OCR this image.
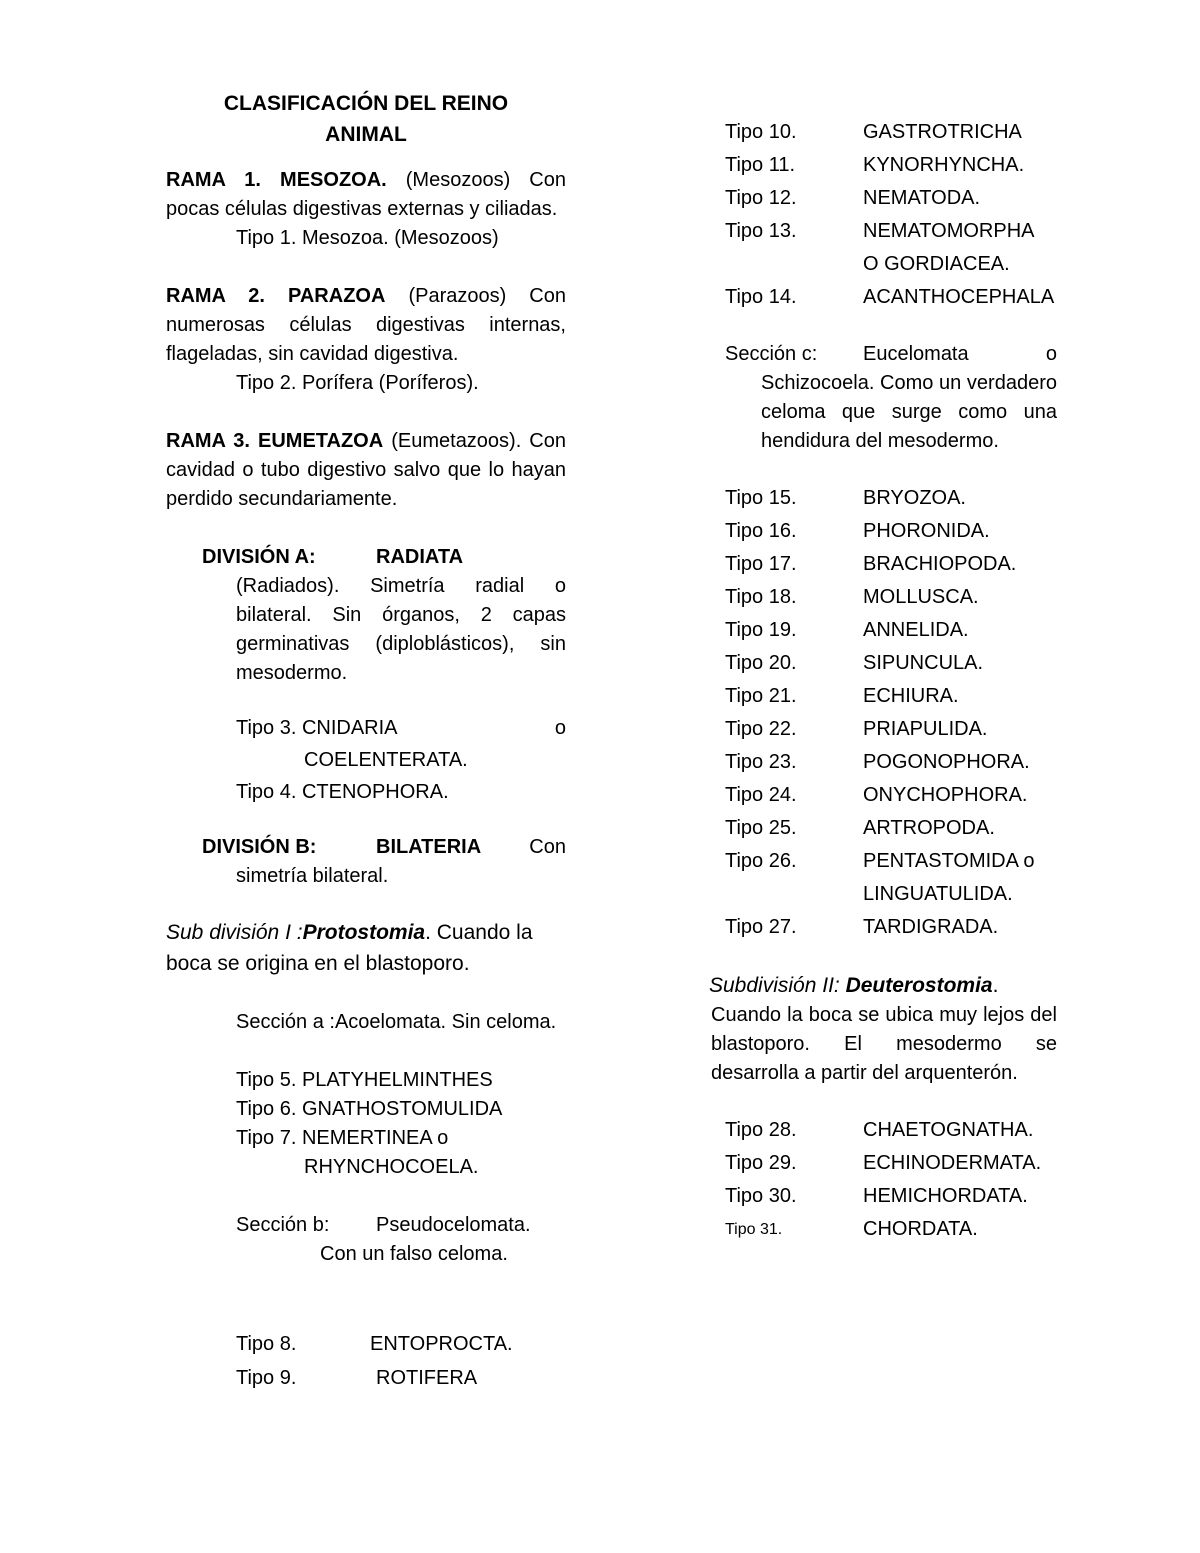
CLASIFICACIÓN DEL REINO
ANIMAL
RAMA 1. MESOZOA. (Mesozoos) Con pocas células digestivas externas y ciliadas.
Tipo 1. Mesozoa. (Mesozoos)
RAMA 2. PARAZOA (Parazoos) Con numerosas células digestivas internas, flageladas, sin cavidad digestiva.
Tipo 2. Porífera (Poríferos).
RAMA 3. EUMETAZOA (Eumetazoos). Con cavidad o tubo digestivo salvo que lo hayan perdido secundariamente.
DIVISIÓN A:	RADIATA
(Radiados). Simetría radial o bilateral. Sin órganos, 2 capas germinativas (diploblásticos), sin mesodermo.
Tipo 3. CNIDARIA	o
COELENTERATA.
Tipo 4. CTENOPHORA.
DIVISIÓN B:	BILATERIA	Con
simetría bilateral.
Sub división I :Protostomia. Cuando la boca se origina en el blastoporo.
Sección a :Acoelomata. Sin celoma.
Tipo 5. PLATYHELMINTHES
Tipo 6. GNATHOSTOMULIDA
Tipo 7. NEMERTINEA o
RHYNCHOCOELA.
Sección b:	Pseudocelomata.
Con un falso celoma.
Tipo 8.	ENTOPROCTA.
Tipo 9.	ROTIFERA
Tipo 10.	GASTROTRICHA
Tipo 11.	KYNORHYNCHA.
Tipo 12.	NEMATODA.
Tipo 13.	NEMATOMORPHA
O GORDIACEA.
Tipo 14.	ACANTHOCEPHALA
Sección c:	Eucelomata	o
Schizocoela. Como un verdadero celoma que surge como una hendidura del mesodermo.
Tipo 15.	BRYOZOA.
Tipo 16.	PHORONIDA.
Tipo 17.	BRACHIOPODA.
Tipo 18.	MOLLUSCA.
Tipo 19.	ANNELIDA.
Tipo 20.	SIPUNCULA.
Tipo 21.	ECHIURA.
Tipo 22.	PRIAPULIDA.
Tipo 23.	POGONOPHORA.
Tipo 24.	ONYCHOPHORA.
Tipo 25.	ARTROPODA.
Tipo 26.	PENTASTOMIDA o
LINGUATULIDA.
Tipo 27.	TARDIGRADA.
Subdivisión II: Deuterostomia.
Cuando la boca se ubica muy lejos del blastoporo. El mesodermo se desarrolla a partir del arquenterón.
Tipo 28.	CHAETOGNATHA.
Tipo 29.	ECHINODERMATA.
Tipo 30.	HEMICHORDATA.
Tipo 31.	CHORDATA.
